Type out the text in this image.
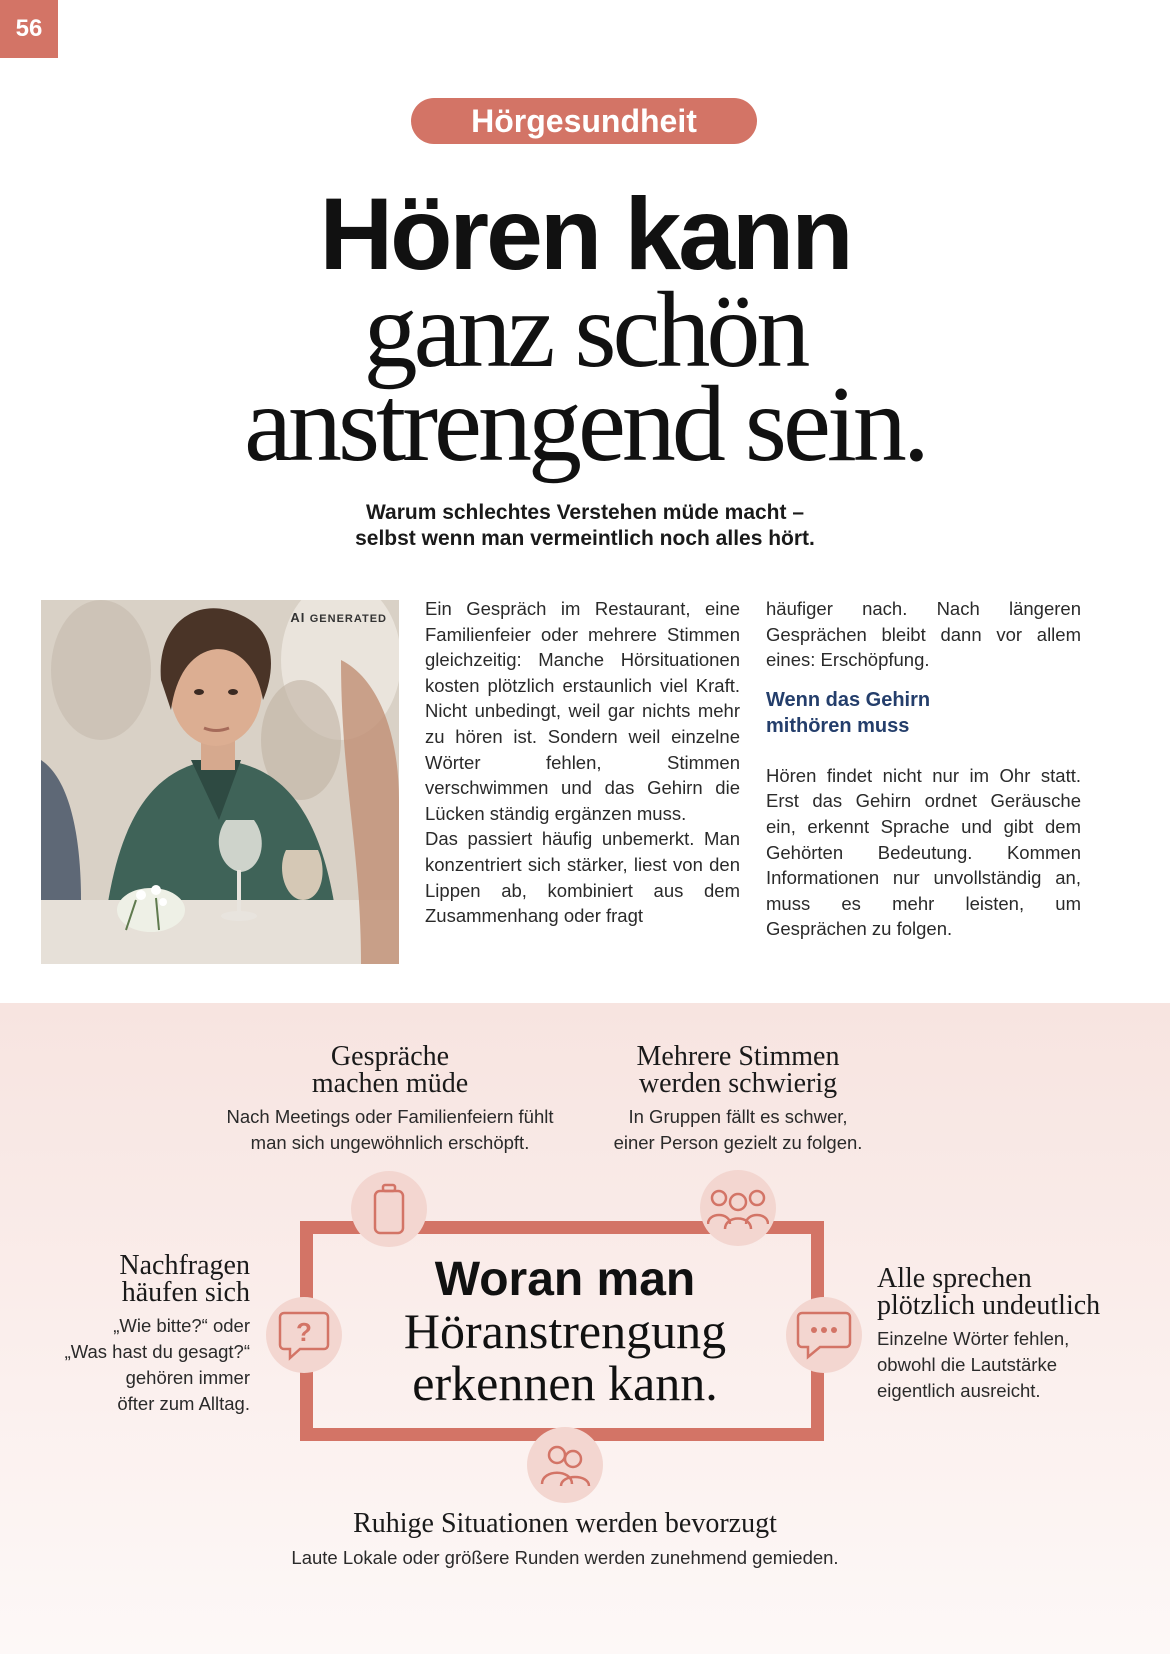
56
Hörgesundheit
Hören kann
ganz schön
anstrengend sein.
Warum schlechtes Verstehen müde macht –
selbst wenn man vermeintlich noch alles hört.
AI GENERATED Ein Gespräch im Restaurant, eine Familienfeier oder mehrere Stimmen gleichzeitig: Manche Hörsituationen kosten plötzlich erstaunlich viel Kraft. Nicht unbedingt, weil gar nichts mehr zu hören ist. Sondern weil einzelne Wörter fehlen, Stimmen verschwimmen und das Gehirn die Lücken ständig ergänzen muss.

Das passiert häufig unbemerkt. Man konzentriert sich stärker, liest von den Lippen ab, kombiniert aus dem Zusammenhang oder fragt

häufiger nach. Nach längeren Gesprächen bleibt dann vor allem eines: Erschöpfung.

Wenn das Gehirn
mithören muss

Hören findet nicht nur im Ohr statt. Erst das Gehirn ordnet Geräusche ein, erkennt Sprache und gibt dem Gehörten Bedeutung. Kommen Informationen nur unvollständig an, muss es mehr leisten, um Gesprächen zu folgen.

Woran man
Höranstrengung
erkennen kann.
?
Gespräche
machen müde
Nach Meetings oder Familienfeiern fühlt
man sich ungewöhnlich erschöpft.
Mehrere Stimmen
werden schwierig
In Gruppen fällt es schwer,
einer Person gezielt zu folgen.
Nachfragen
häufen sich
„Wie bitte?“ oder
„Was hast du gesagt?“
gehören immer
öfter zum Alltag.
Alle sprechen
plötzlich undeutlich
Einzelne Wörter fehlen,
obwohl die Lautstärke
eigentlich ausreicht.
Ruhige Situationen werden bevorzugt
Laute Lokale oder größere Runden werden zunehmend gemieden.
